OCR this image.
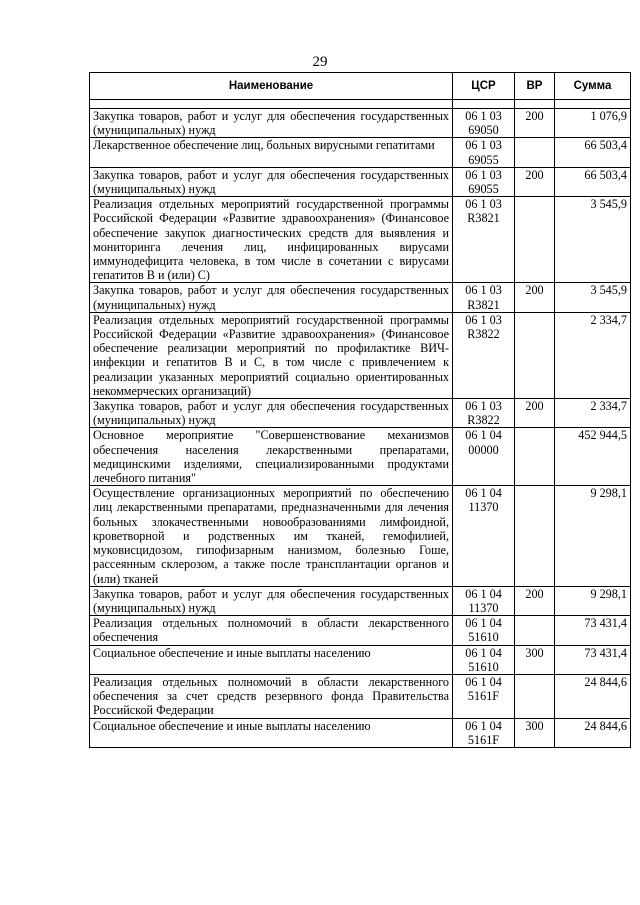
29
Наименование	ЦСР	ВР	Сумма

Закупка товаров, работ и услуг для обеспечения государственных (муниципальных) нужд	06 1 03 69050	200	1 076,9
Лекарственное обеспечение лиц, больных вирусными гепатитами	06 1 03 69055		66 503,4
Закупка товаров, работ и услуг для обеспечения государственных (муниципальных) нужд	06 1 03 69055	200	66 503,4
Реализация отдельных мероприятий государственной программы Российской Федерации «Развитие здравоохранения» (Финансовое обеспечение закупок диагностических средств для выявления и мониторинга лечения лиц, инфицированных вирусами иммунодефицита человека, в том числе в сочетании с вирусами гепатитов В и (или) С)	06 1 03 R3821		3 545,9
Закупка товаров, работ и услуг для обеспечения государственных (муниципальных) нужд	06 1 03 R3821	200	3 545,9
Реализация отдельных мероприятий государственной программы Российской Федерации «Развитие здравоохранения» (Финансовое обеспечение реализации мероприятий по профилактике ВИЧ-инфекции и гепатитов В и С, в том числе с привлечением к реализации указанных мероприятий социально ориентированных некоммерческих организаций)	06 1 03 R3822		2 334,7
Закупка товаров, работ и услуг для обеспечения государственных (муниципальных) нужд	06 1 03 R3822	200	2 334,7
Основное мероприятие "Совершенствование механизмов обеспечения населения лекарственными препаратами, медицинскими изделиями, специализированными продуктами лечебного питания"	06 1 04 00000		452 944,5
Осуществление организационных мероприятий по обеспечению лиц лекарственными препаратами, предназначенными для лечения больных злокачественными новообразованиями лимфоидной, кроветворной и родственных им тканей, гемофилией, муковисцидозом, гипофизарным нанизмом, болезнью Гоше, рассеянным склерозом, а также после трансплантации органов и (или) тканей	06 1 04 11370		9 298,1
Закупка товаров, работ и услуг для обеспечения государственных (муниципальных) нужд	06 1 04 11370	200	9 298,1
Реализация отдельных полномочий в области лекарственного обеспечения	06 1 04 51610		73 431,4
Социальное обеспечение и иные выплаты населению	06 1 04 51610	300	73 431,4
Реализация отдельных полномочий в области лекарственного обеспечения за счет средств резервного фонда Правительства Российской Федерации	06 1 04 5161F		24 844,6
Социальное обеспечение и иные выплаты населению	06 1 04 5161F	300	24 844,6
